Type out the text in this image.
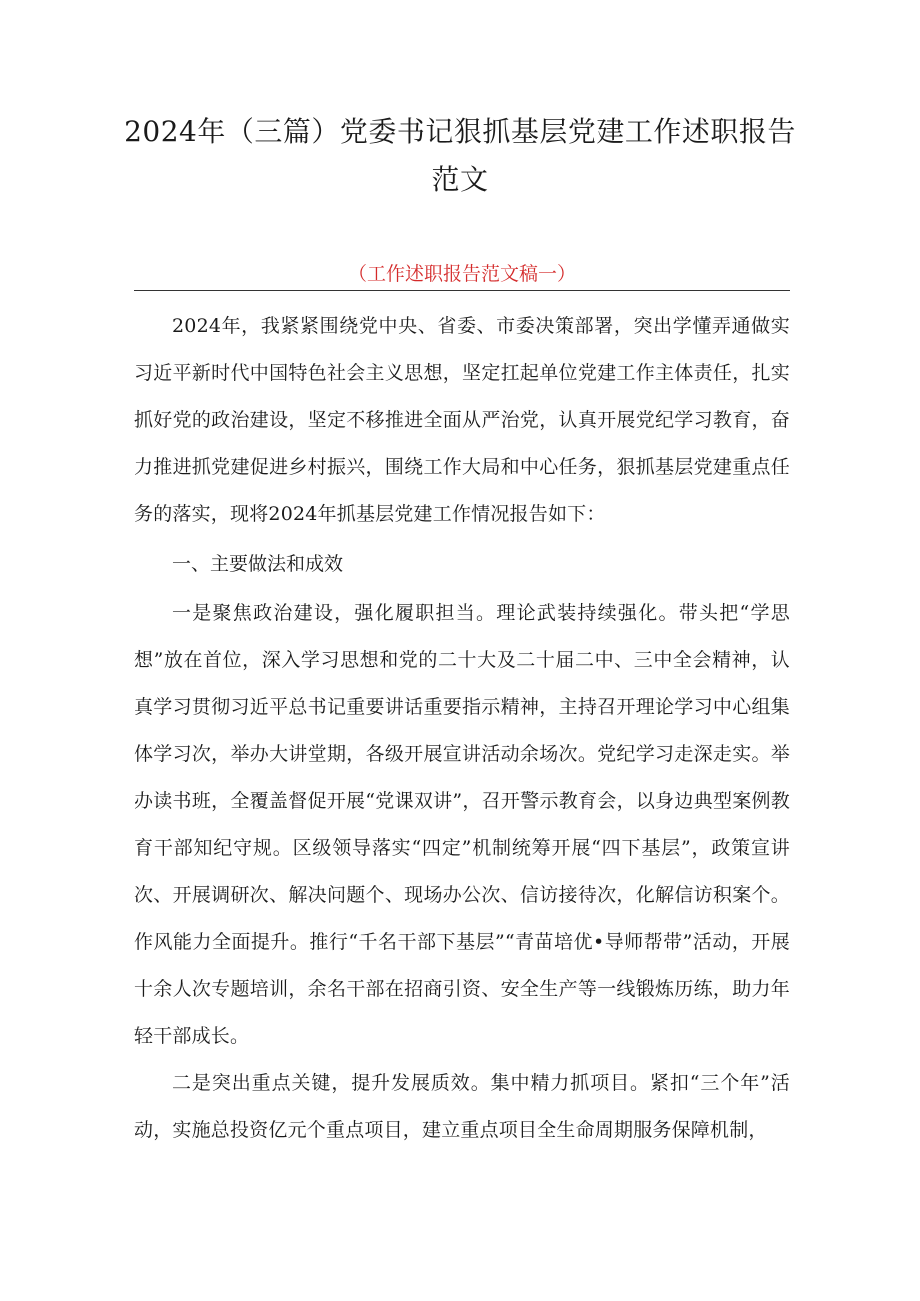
2024年（三篇）党委书记狠抓基层党建工作述职报告
范文
（工作述职报告范文稿一）

2024年，我紧紧围绕党中央、省委、市委决策部署，突出学懂弄通做实习近平新时代中国特色社会主义思想，坚定扛起单位党建工作主体责任，扎实抓好党的政治建设，坚定不移推进全面从严治党，认真开展党纪学习教育，奋力推进抓党建促进乡村振兴，围绕工作大局和中心任务，狠抓基层党建重点任务的落实，现将2024年抓基层党建工作情况报告如下：

一、主要做法和成效

一是聚焦政治建设，强化履职担当。理论武装持续强化。带头把“学思想”放在首位，深入学习思想和党的二十大及二十届二中、三中全会精神，认真学习贯彻习近平总书记重要讲话重要指示精神，主持召开理论学习中心组集体学习次，举办大讲堂期，各级开展宣讲活动余场次。党纪学习走深走实。举办读书班，全覆盖督促开展“党课双讲”，召开警示教育会，以身边典型案例教育干部知纪守规。区级领导落实“四定”机制统筹开展“四下基层”，政策宣讲次、开展调研次、解决问题个、现场办公次、信访接待次，化解信访积案个。作风能力全面提升。推行“千名干部下基层”“青苗培优•导师帮带”活动，开展十余人次专题培训，余名干部在招商引资、安全生产等一线锻炼历练，助力年轻干部成长。

二是突出重点关键，提升发展质效。集中精力抓项目。紧扣“三个年”活动，实施总投资亿元个重点项目，建立重点项目全生命周期服务保障机制，
